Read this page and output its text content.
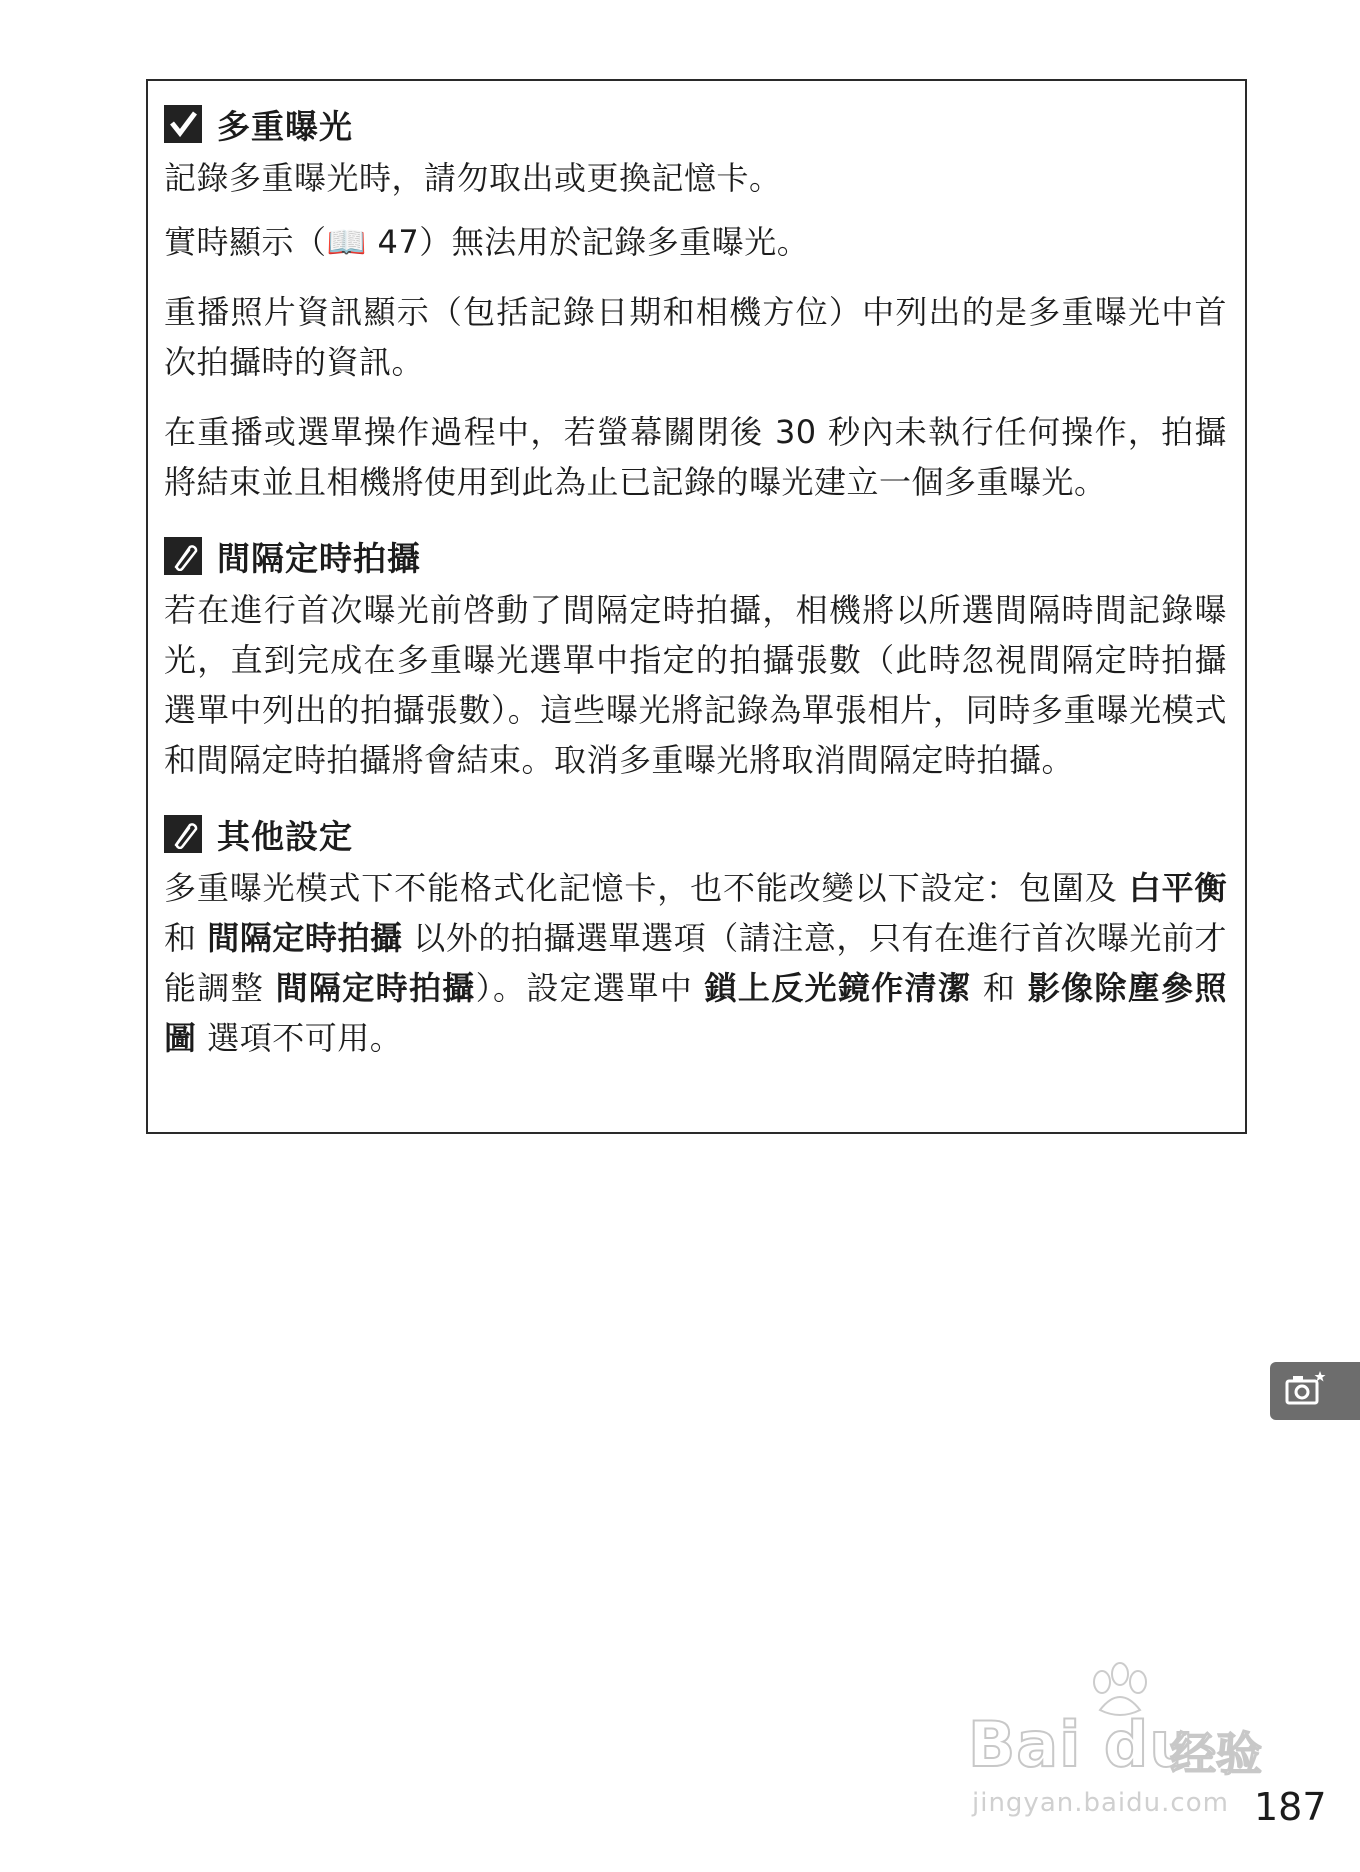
多重曝光

記錄多重曝光時，請勿取出或更換記憶卡。

實時顯示（📖 47）無法用於記錄多重曝光。

重播照片資訊顯示（包括記錄日期和相機方位）中列出的是多重曝光中首次拍攝時的資訊。

在重播或選單操作過程中，若螢幕關閉後 30 秒內未執行任何操作，拍攝將結束並且相機將使用到此為止已記錄的曝光建立一個多重曝光。

間隔定時拍攝

若在進行首次曝光前啓動了間隔定時拍攝，相機將以所選間隔時間記錄曝光，直到完成在多重曝光選單中指定的拍攝張數（此時忽視間隔定時拍攝選單中列出的拍攝張數）。這些曝光將記錄為單張相片，同時多重曝光模式和間隔定時拍攝將會結束。取消多重曝光將取消間隔定時拍攝。

其他設定

多重曝光模式下不能格式化記憶卡，也不能改變以下設定：包圍及 白平衡 和 間隔定時拍攝 以外的拍攝選單選項（請注意，只有在進行首次曝光前才能調整 間隔定時拍攝）。設定選單中 鎖上反光鏡作清潔 和 影像除塵參照圖 選項不可用。

Bai du
经验
jingyan.baidu.com 187
